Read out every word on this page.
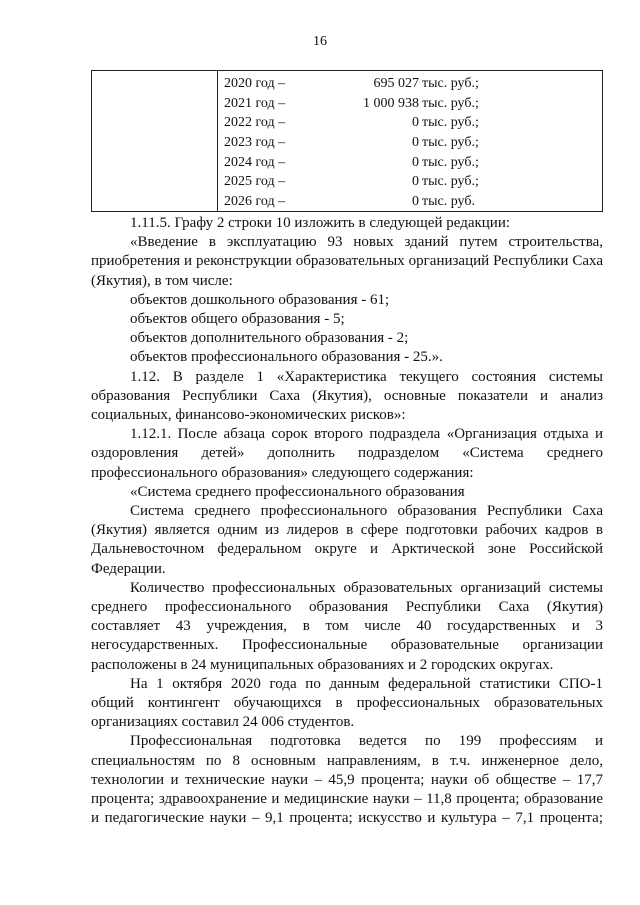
16
2020 год –	695 027 тыс. руб.;
2021 год –	1 000 938 тыс. руб.;
2022 год –	0 тыс. руб.;
2023 год –	0 тыс. руб.;
2024 год –	0 тыс. руб.;
2025 год –	0 тыс. руб.;
2026 год –	0 тыс. руб.

1.11.5. Графу 2 строки 10 изложить в следующей редакции:

«Введение в эксплуатацию 93 новых зданий путем строительства, приобретения и реконструкции образовательных организаций Республики Саха (Якутия), в том числе:

объектов дошкольного образования - 61;

объектов общего образования - 5;

объектов дополнительного образования - 2;

объектов профессионального образования - 25.».

1.12. В разделе 1 «Характеристика текущего состояния системы образования Республики Саха (Якутия), основные показатели и анализ социальных, финансово-экономических рисков»:

1.12.1. После абзаца сорок второго подраздела «Организация отдыха и оздоровления детей» дополнить подразделом «Система среднего профессионального образования» следующего содержания:

«Система среднего профессионального образования

Система среднего профессионального образования Республики Саха (Якутия) является одним из лидеров в сфере подготовки рабочих кадров в Дальневосточном федеральном округе и Арктической зоне Российской Федерации.

Количество профессиональных образовательных организаций системы среднего профессионального образования Республики Саха (Якутия) составляет 43 учреждения, в том числе 40 государственных и 3 негосударственных. Профессиональные образовательные организации расположены в 24 муниципальных образованиях и 2 городских округах.

На 1 октября 2020 года по данным федеральной статистики СПО-1 общий контингент обучающихся в профессиональных образовательных организациях составил 24 006 студентов.

Профессиональная подготовка ведется по 199 профессиям и специальностям по 8 основным направлениям, в т.ч. инженерное дело, технологии и технические науки – 45,9 процента; науки об обществе – 17,7 процента; здравоохранение и медицинские науки – 11,8 процента; образование и педагогические науки – 9,1 процента; искусство и культура – 7,1 процента;
